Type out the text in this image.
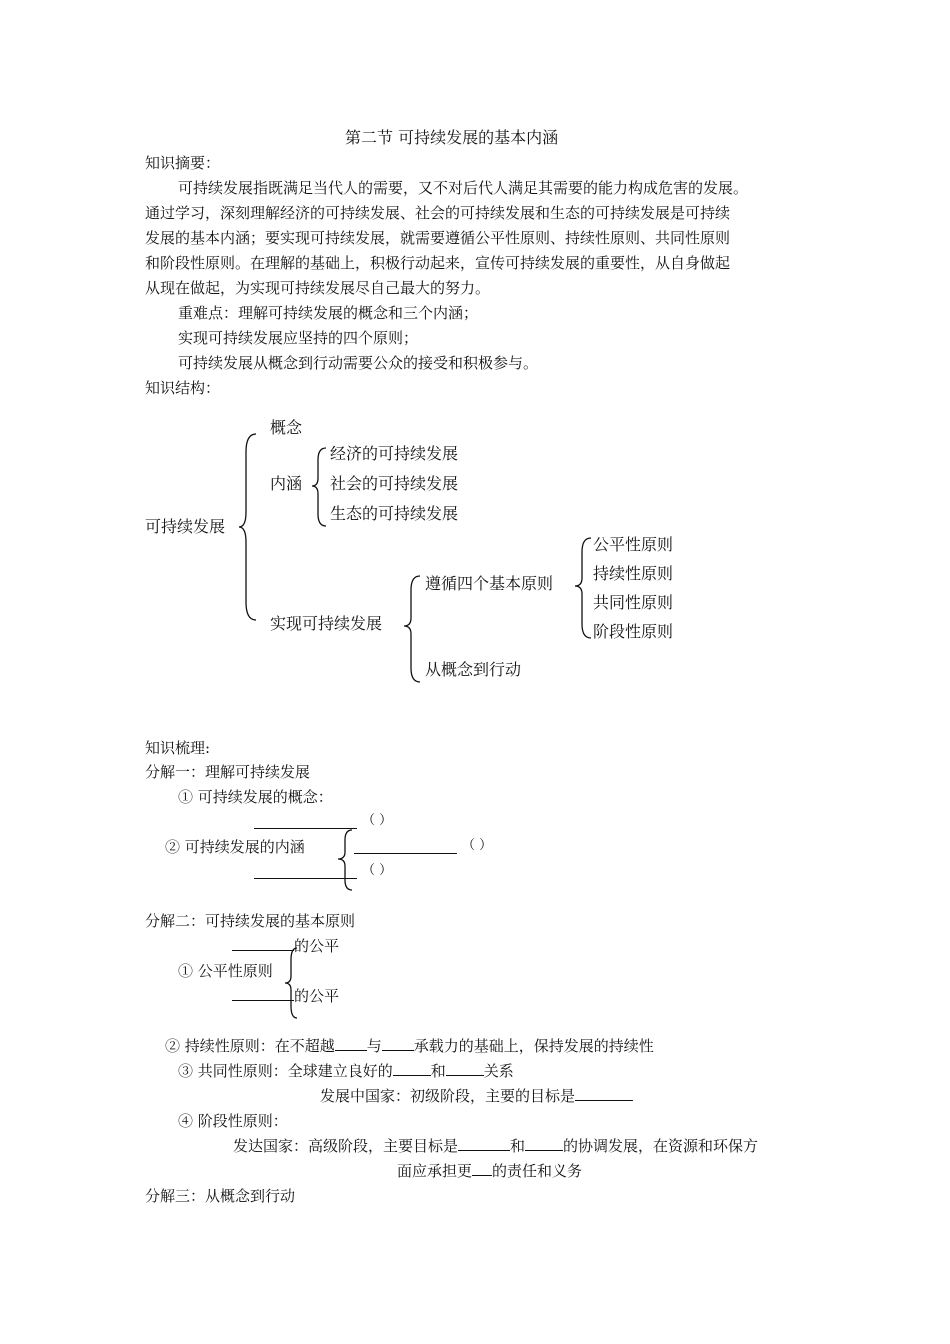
第二节 可持续发展的基本内涵
知识摘要：
可持续发展指既满足当代人的需要，又不对后代人满足其需要的能力构成危害的发展。
通过学习，深刻理解经济的可持续发展、社会的可持续发展和生态的可持续发展是可持续
发展的基本内涵；要实现可持续发展，就需要遵循公平性原则、持续性原则、共同性原则
和阶段性原则。在理解的基础上，积极行动起来，宣传可持续发展的重要性，从自身做起
从现在做起，为实现可持续发展尽自己最大的努力。
重难点：理解可持续发展的概念和三个内涵；
实现可持续发展应坚持的四个原则；
可持续发展从概念到行动需要公众的接受和积极参与。
知识结构：
可持续发展
概念
内涵
经济的可持续发展
社会的可持续发展
生态的可持续发展
实现可持续发展
遵循四个基本原则
公平性原则
持续性原则
共同性原则
阶段性原则
从概念到行动
知识梳理:
分解一：理解可持续发展
① 可持续发展的概念：
（ ）
② 可持续发展的内涵	（ ）
（ ）
分解二：可持续发展的基本原则
的公平
① 公平性原则
的公平
② 持续性原则：在不超越 与 承载力的基础上，保持发展的持续性
③ 共同性原则：全球建立良好的	和	关系
发展中国家：初级阶段，主要的目标是
④ 阶段性原则：
发达国家：高级阶段，主要目标是	和	的协调发展，在资源和环保方
面应承担更 的责任和义务
分解三：从概念到行动
